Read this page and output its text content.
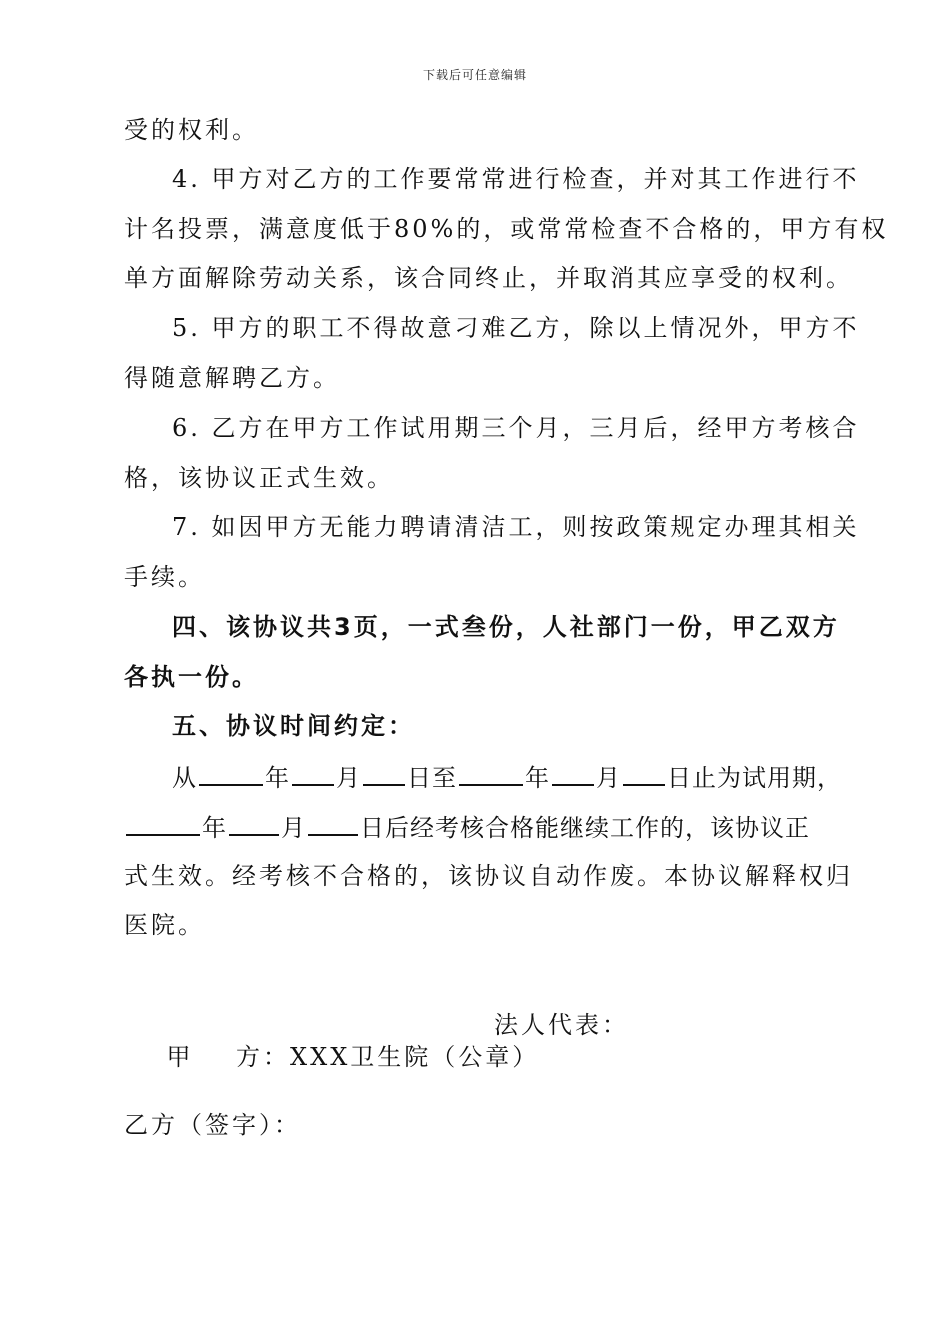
下载后可任意编辑
受的权利。
4. 甲方对乙方的工作要常常进行检查，并对其工作进行不
计名投票，满意度低于80%的，或常常检查不合格的，甲方有权
单方面解除劳动关系，该合同终止，并取消其应享受的权利。
5. 甲方的职工不得故意刁难乙方，除以上情况外，甲方不
得随意解聘乙方。
6. 乙方在甲方工作试用期三个月，三月后，经甲方考核合
格，该协议正式生效。
7. 如因甲方无能力聘请清洁工，则按政策规定办理其相关
手续。
四、该协议共3页，一式叁份，人社部门一份，甲乙双方
各执一份。
五、协议时间约定：
从	年 月 日至	年 月 日止为试用期，
年 月 日后经考核合格能继续工作的，该协议正
式生效。经考核不合格的，该协议自动作废。本协议解释权归
医院。

甲    方：XXX卫生院（公章）

法人代表：
乙方（签字）：
